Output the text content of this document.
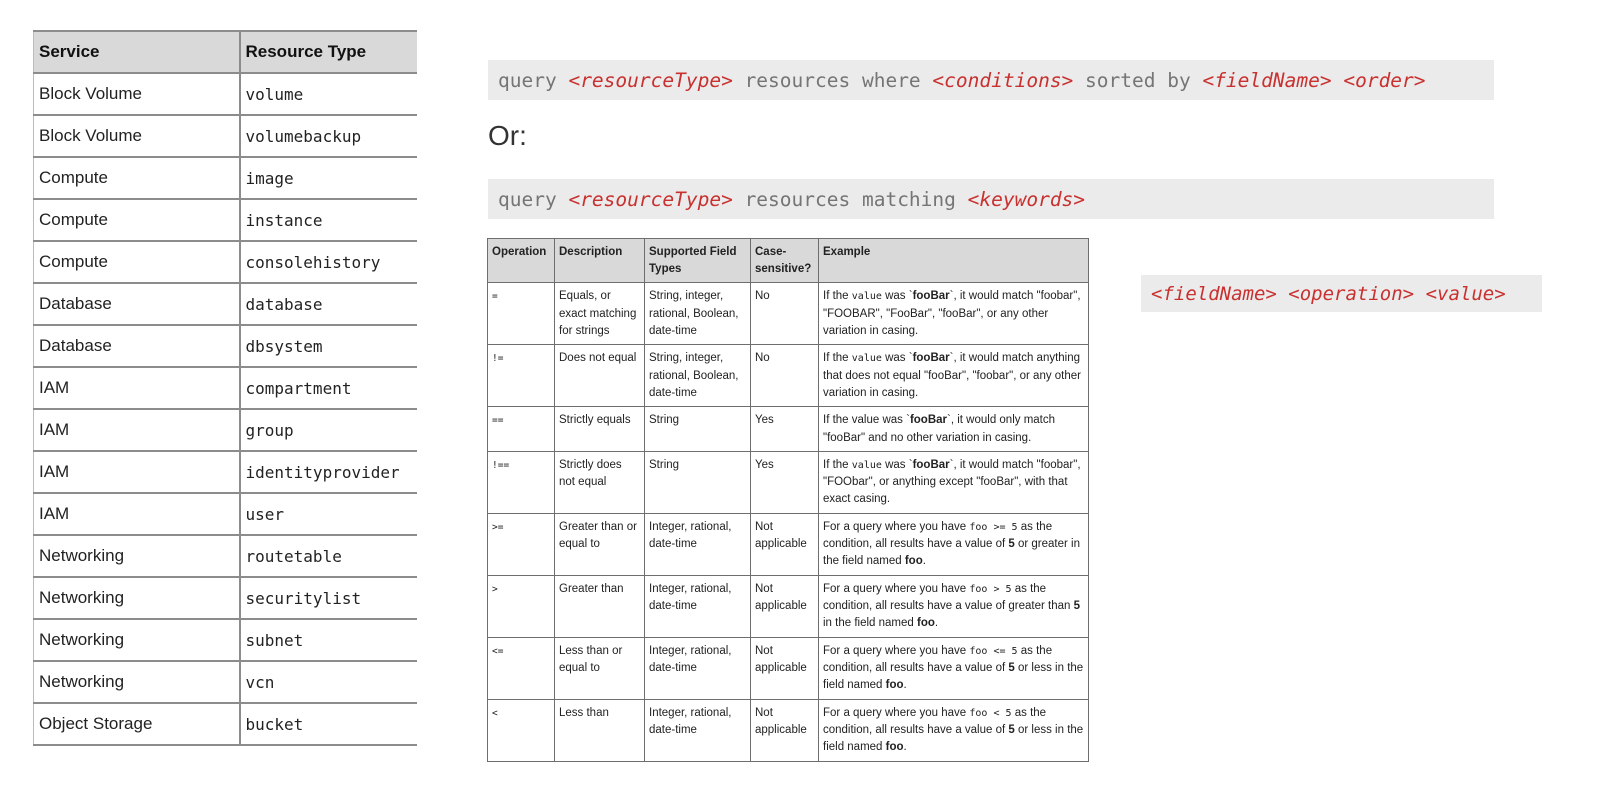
Service	Resource Type
Block Volume	volume
Block Volume	volumebackup
Compute	image
Compute	instance
Compute	consolehistory
Database	database
Database	dbsystem
IAM	compartment
IAM	group
IAM	identityprovider
IAM	user
Networking	routetable
Networking	securitylist
Networking	subnet
Networking	vcn
Object Storage	bucket
query <resourceType> resources where <conditions> sorted by <fieldName>
<order>
Or:
query <resourceType> resources matching <keywords>
Operation	Description	Supported Field Types	Case-sensitive?	Example
=	Equals, or exact matching for strings	String, integer, rational, Boolean, date-time	No	If the value was `fooBar`, it would match "foobar", "FOOBAR", "FooBar", "fooBar", or any other variation in casing.
!=	Does not equal	String, integer, rational, Boolean, date-time	No	If the value was `fooBar`, it would match anything that does not equal "fooBar", "foobar", or any other variation in casing.
==	Strictly equals	String	Yes	If the value was `fooBar`, it would only match "fooBar" and no other variation in casing.
!==	Strictly does not equal	String	Yes	If the value was `fooBar`, it would match "foobar", "FOObar", or anything except "fooBar", with that exact casing.
>=	Greater than or equal to	Integer, rational, date-time	Not applicable	For a query where you have foo >= 5 as the condition, all results have a value of 5 or greater in the field named foo.
>	Greater than	Integer, rational, date-time	Not applicable	For a query where you have foo > 5 as the condition, all results have a value of greater than 5 in the field named foo.
<=	Less than or equal to	Integer, rational, date-time	Not applicable	For a query where you have foo <= 5 as the condition, all results have a value of 5 or less in the field named foo.
<	Less than	Integer, rational, date-time	Not applicable	For a query where you have foo < 5 as the condition, all results have a value of 5 or less in the field named foo.
<fieldName>
<operation>
<value>
